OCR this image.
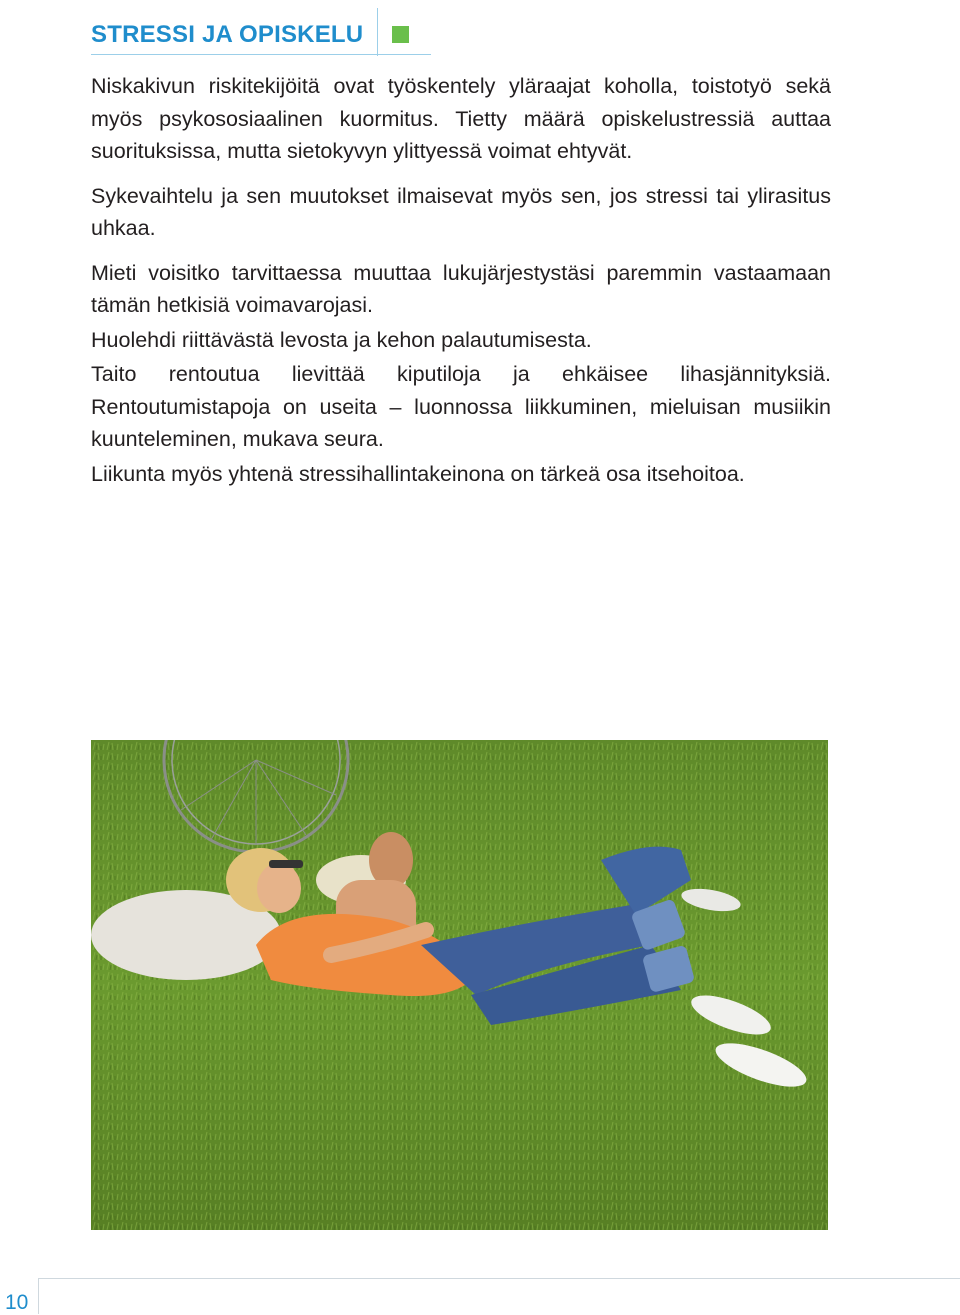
STRESSI JA OPISKELU

Niskakivun riskitekijöitä ovat työskentely yläraajat koholla, toistotyö sekä myös psykososiaalinen kuormitus. Tietty määrä opiskelustressiä auttaa suorituksissa, mutta sietokyvyn ylittyessä voimat ehtyvät.

Sykevaihtelu ja sen muutokset ilmaisevat myös sen, jos stressi tai ylirasitus uhkaa.

Mieti voisitko tarvittaessa muuttaa lukujärjestystäsi paremmin vastaamaan tämän hetkisiä voimavarojasi.

Huolehdi riittävästä levosta ja kehon palautumisesta.

Taito rentoutua lievittää kiputiloja ja ehkäisee lihasjännityksiä. Rentoutumistapoja on useita – luonnossa liikkuminen, mieluisan musiikin kuunteleminen, mukava seura.

Liikunta myös yhtenä stressihallintakeinona on tärkeä osa itsehoitoa.

10
